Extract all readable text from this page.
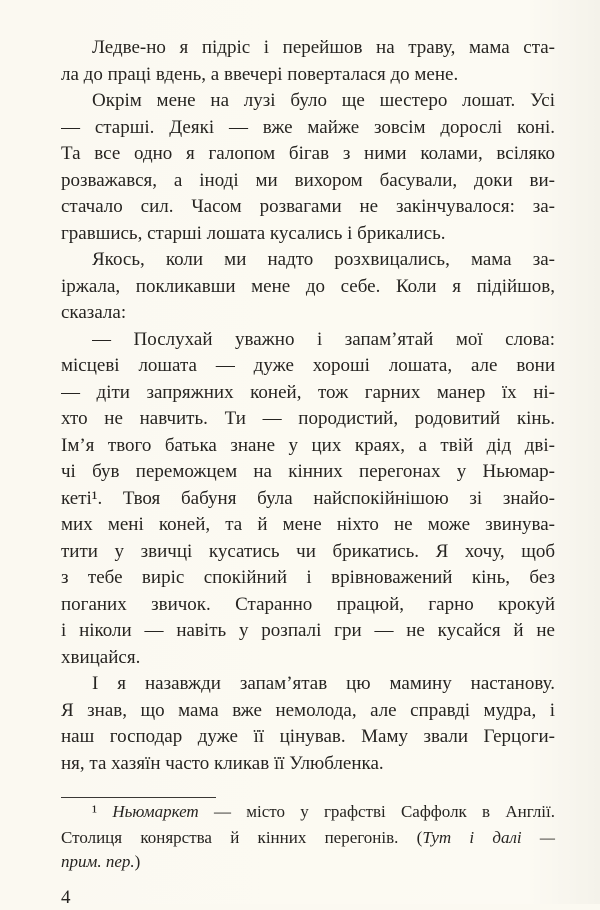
Ледве-но я підріс і перейшов на траву, мама ста-
ла до праці вдень, а ввечері поверталася до мене.
Окрім мене на лузі було ще шестеро лошат. Усі
— старші. Деякі — вже майже зовсім дорослі коні.
Та все одно я галопом бігав з ними колами, всіляко
розважався, а іноді ми вихором басували, доки ви-
стачало сил. Часом розвагами не закінчувалося: за-
гравшись, старші лошата кусались і брикались.
Якось, коли ми надто розхвицались, мама за-
іржала, покликавши мене до себе. Коли я підійшов,
сказала:
— Послухай уважно і запам’ятай мої слова:
місцеві лошата — дуже хороші лошата, але вони
— діти запряжних коней, тож гарних манер їх ні-
хто не навчить. Ти — породистий, родовитий кінь.
Ім’я твого батька знане у цих краях, а твій дід дві-
чі був переможцем на кінних перегонах у Ньюмар-
кеті¹. Твоя бабуня була найспокійнішою зі знайо-
мих мені коней, та й мене ніхто не може звинува-
тити у звичці кусатись чи брикатись. Я хочу, щоб
з тебе виріс спокійний і врівноважений кінь, без
поганих звичок. Старанно працюй, гарно крокуй
і ніколи — навіть у розпалі гри — не кусайся й не
хвицайся.
І я назавжди запам’ятав цю мамину настанову.
Я знав, що мама вже немолода, але справді мудра, і
наш господар дуже її цінував. Маму звали Герцоги-
ня, та хазяїн часто кликав її Улюбленка.
¹ Ньюмаркет — місто у графстві Саффолк в Англії.
Столиця конярства й кінних перегонів. (Тут і далі —
прим. пер.)
4
